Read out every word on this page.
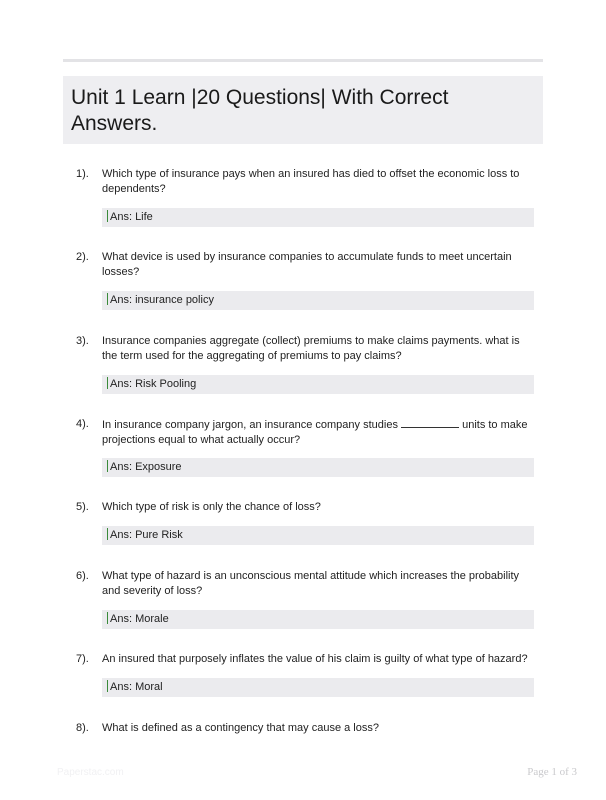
Unit 1 Learn |20 Questions| With Correct Answers.
1). Which type of insurance pays when an insured has died to offset the economic loss to dependents?
Ans: Life
2). What device is used by insurance companies to accumulate funds to meet uncertain losses?
Ans: insurance policy
3). Insurance companies aggregate (collect) premiums to make claims payments. what is the term used for the aggregating of premiums to pay claims?
Ans: Risk Pooling
4). In insurance company jargon, an insurance company studies	units to make projections equal to what actually occur?
Ans: Exposure
5). Which type of risk is only the chance of loss?
Ans: Pure Risk
6). What type of hazard is an unconscious mental attitude which increases the probability and severity of loss?
Ans: Morale
7). An insured that purposely inflates the value of his claim is guilty of what type of hazard?
Ans: Moral
8). What is defined as a contingency that may cause a loss?
Paperstac.com	Page 1 of 3
